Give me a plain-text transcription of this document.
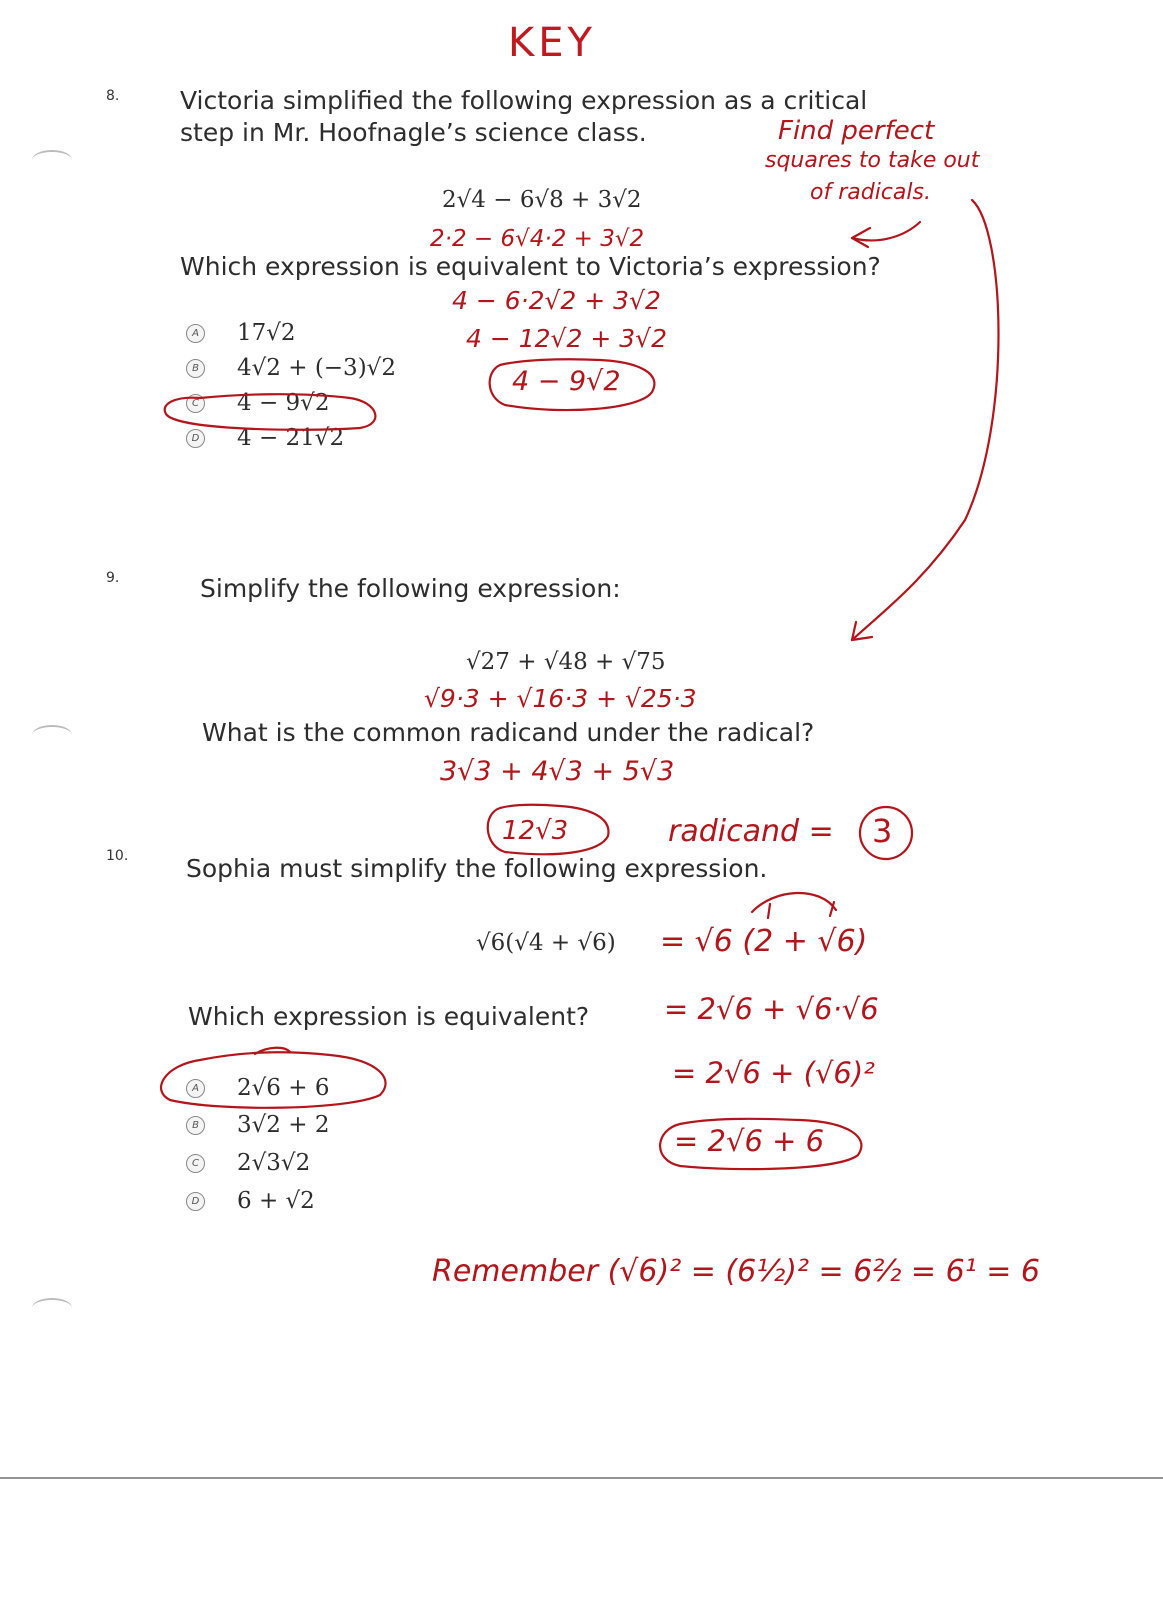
KEY
8. Victoria simplified the following expression as a critical
step in Mr. Hoofnagle’s science class.
2√4 − 6√8 + 3√2
Find perfect
squares to take out
of radicals.
2·2 − 6√4·2 + 3√2
Which expression is equivalent to Victoria’s expression?
4 − 6·2√2 + 3√2
4 − 12√2 + 3√2
4 − 9√2
A 17√2
B 4√2 + (−3)√2
C 4 − 9√2
D 4 − 21√2
9.	Simplify the following expression:
√27 + √48 + √75
√9·3 + √16·3 + √25·3
What is the common radicand under the radical?
3√3 + 4√3 + 5√3
12√3	radicand = 3
10. Sophia must simplify the following expression.
√6(√4 + √6) = √6 (2 + √6)
Which expression is equivalent?	= 2√6 + √6·√6
= 2√6 + (√6)²
= 2√6 + 6
A 2√6 + 6
B 3√2 + 2
C 2√3√2
D 6 + √2
Remember (√6)² = (6½)² = 6²⁄₂ = 6¹ = 6
